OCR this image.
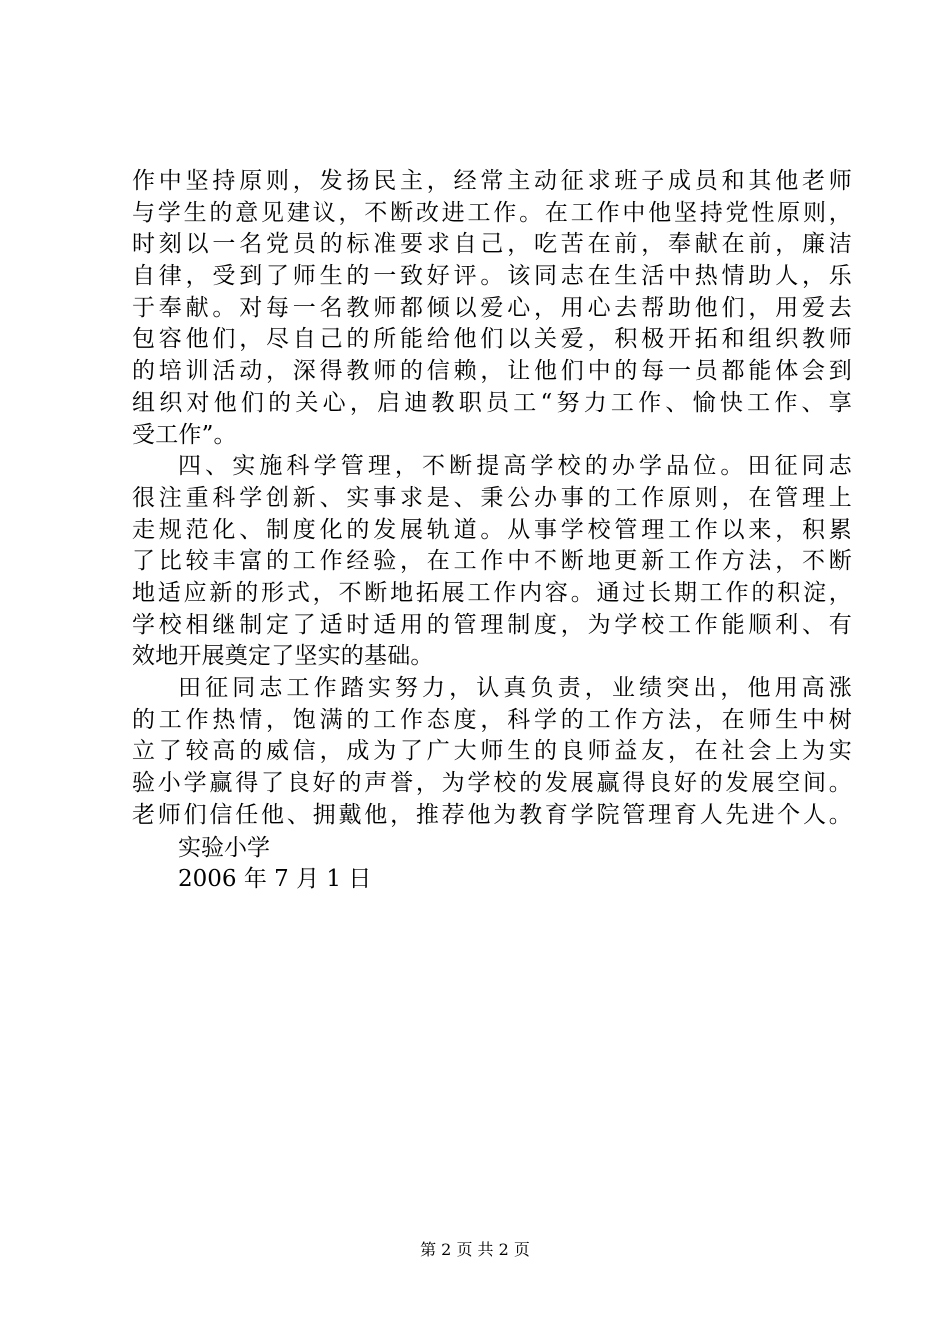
作中坚持原则，发扬民主，经常主动征求班子成员和其他老师
与学生的意见建议，不断改进工作。在工作中他坚持党性原则，
时刻以一名党员的标准要求自己，吃苦在前，奉献在前，廉洁
自律，受到了师生的一致好评。该同志在生活中热情助人，乐
于奉献。对每一名教师都倾以爱心，用心去帮助他们，用爱去
包容他们，尽自己的所能给他们以关爱，积极开拓和组织教师
的培训活动，深得教师的信赖，让他们中的每一员都能体会到
组织对他们的关心，启迪教职员工“努力工作、愉快工作、享
受工作”。
四、实施科学管理，不断提高学校的办学品位。田征同志
很注重科学创新、实事求是、秉公办事的工作原则，在管理上
走规范化、制度化的发展轨道。从事学校管理工作以来，积累
了比较丰富的工作经验，在工作中不断地更新工作方法，不断
地适应新的形式，不断地拓展工作内容。通过长期工作的积淀，
学校相继制定了适时适用的管理制度，为学校工作能顺利、有
效地开展奠定了坚实的基础。
田征同志工作踏实努力，认真负责，业绩突出，他用高涨
的工作热情，饱满的工作态度，科学的工作方法，在师生中树
立了较高的威信，成为了广大师生的良师益友，在社会上为实
验小学赢得了良好的声誉，为学校的发展赢得良好的发展空间。
老师们信任他、拥戴他，推荐他为教育学院管理育人先进个人。
实验小学
2006 年 7 月 1 日
第 2 页 共 2 页
